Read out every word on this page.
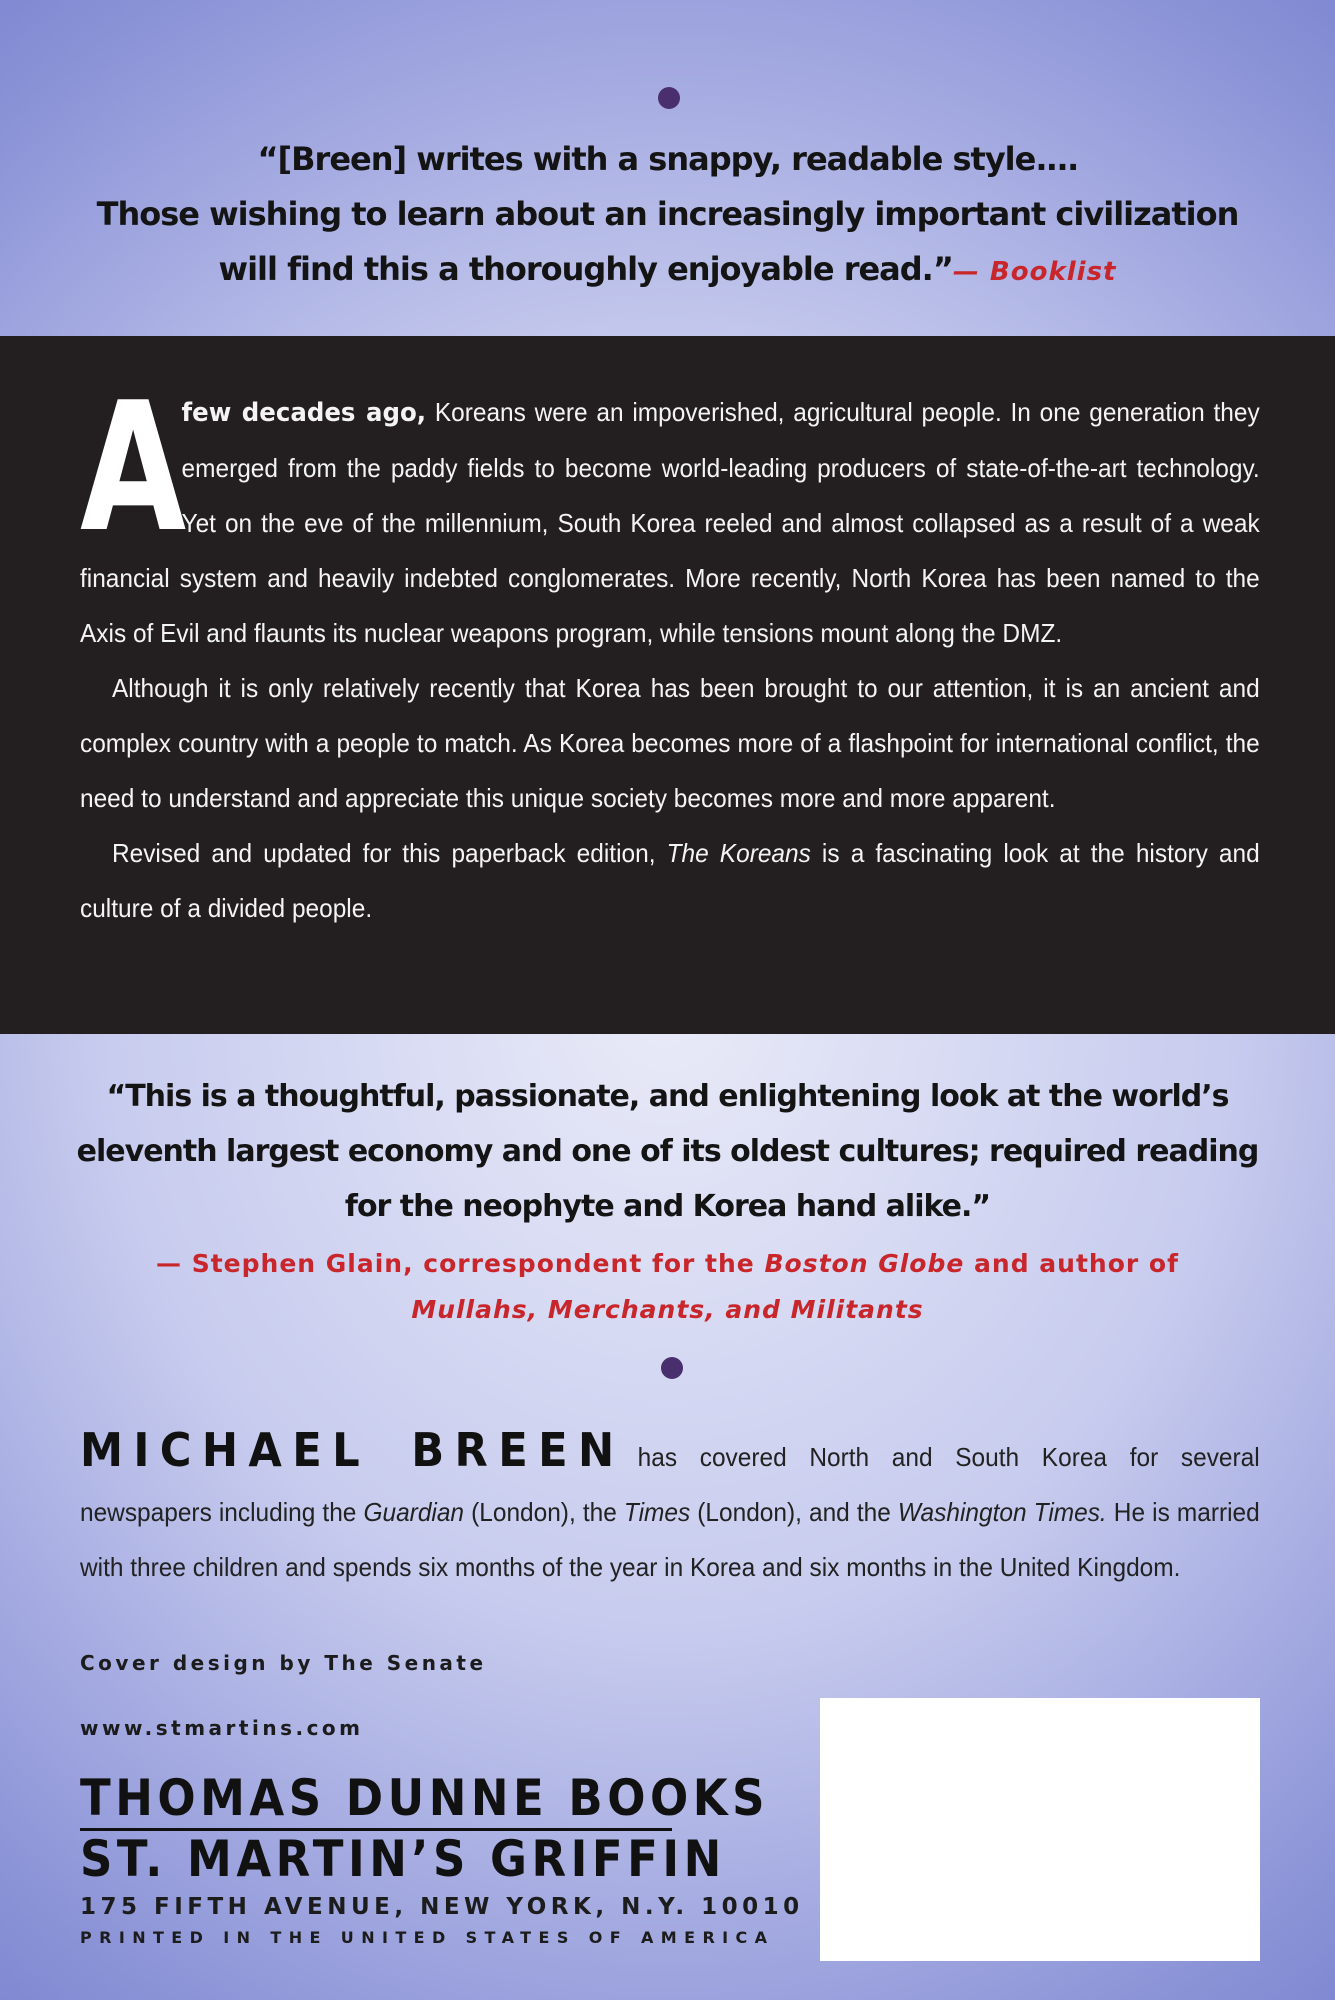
“[Breen] writes with a snappy, readable style.…

Those wishing to learn about an increasingly important civilization

will find this a thoroughly enjoyable read.”— Booklist

A
few decades ago, Koreans were an impoverished, agricultural people. In one generation they emerged from the paddy fields to become world-leading producers of state-of-the-art technology. Yet on the eve of the millennium, South Korea reeled and almost collapsed as a result of a weak financial system and heavily indebted conglomerates. More recently, North Korea has been named to the Axis of Evil and flaunts its nuclear weapons program, while tensions mount along the DMZ.

Although it is only relatively recently that Korea has been brought to our attention, it is an ancient and complex country with a people to match. As Korea becomes more of a flashpoint for international conflict, the need to understand and appreciate this unique society becomes more and more apparent.

Revised and updated for this paperback edition, The Koreans is a fascinating look at the history and culture of a divided people.

“This is a thoughtful, passionate, and enlightening look at the world’s

eleventh largest economy and one of its oldest cultures; required reading

for the neophyte and Korea hand alike.”

— Stephen Glain, correspondent for the Boston Globe and author of
Mullahs, Merchants, and Militants

MICHAEL BREEN has covered North and South Korea for several newspapers including the Guardian (London), the Times (London), and the Washington Times. He is married with three children and spends six months of the year in Korea and six months in the United Kingdom.

Cover design by The Senate
www.stmartins.com
THOMAS DUNNE BOOKS
ST. MARTIN’S GRIFFIN
175 FIFTH AVENUE, NEW YORK, N.Y. 10010
PRINTED IN THE UNITED STATES OF AMERICA
